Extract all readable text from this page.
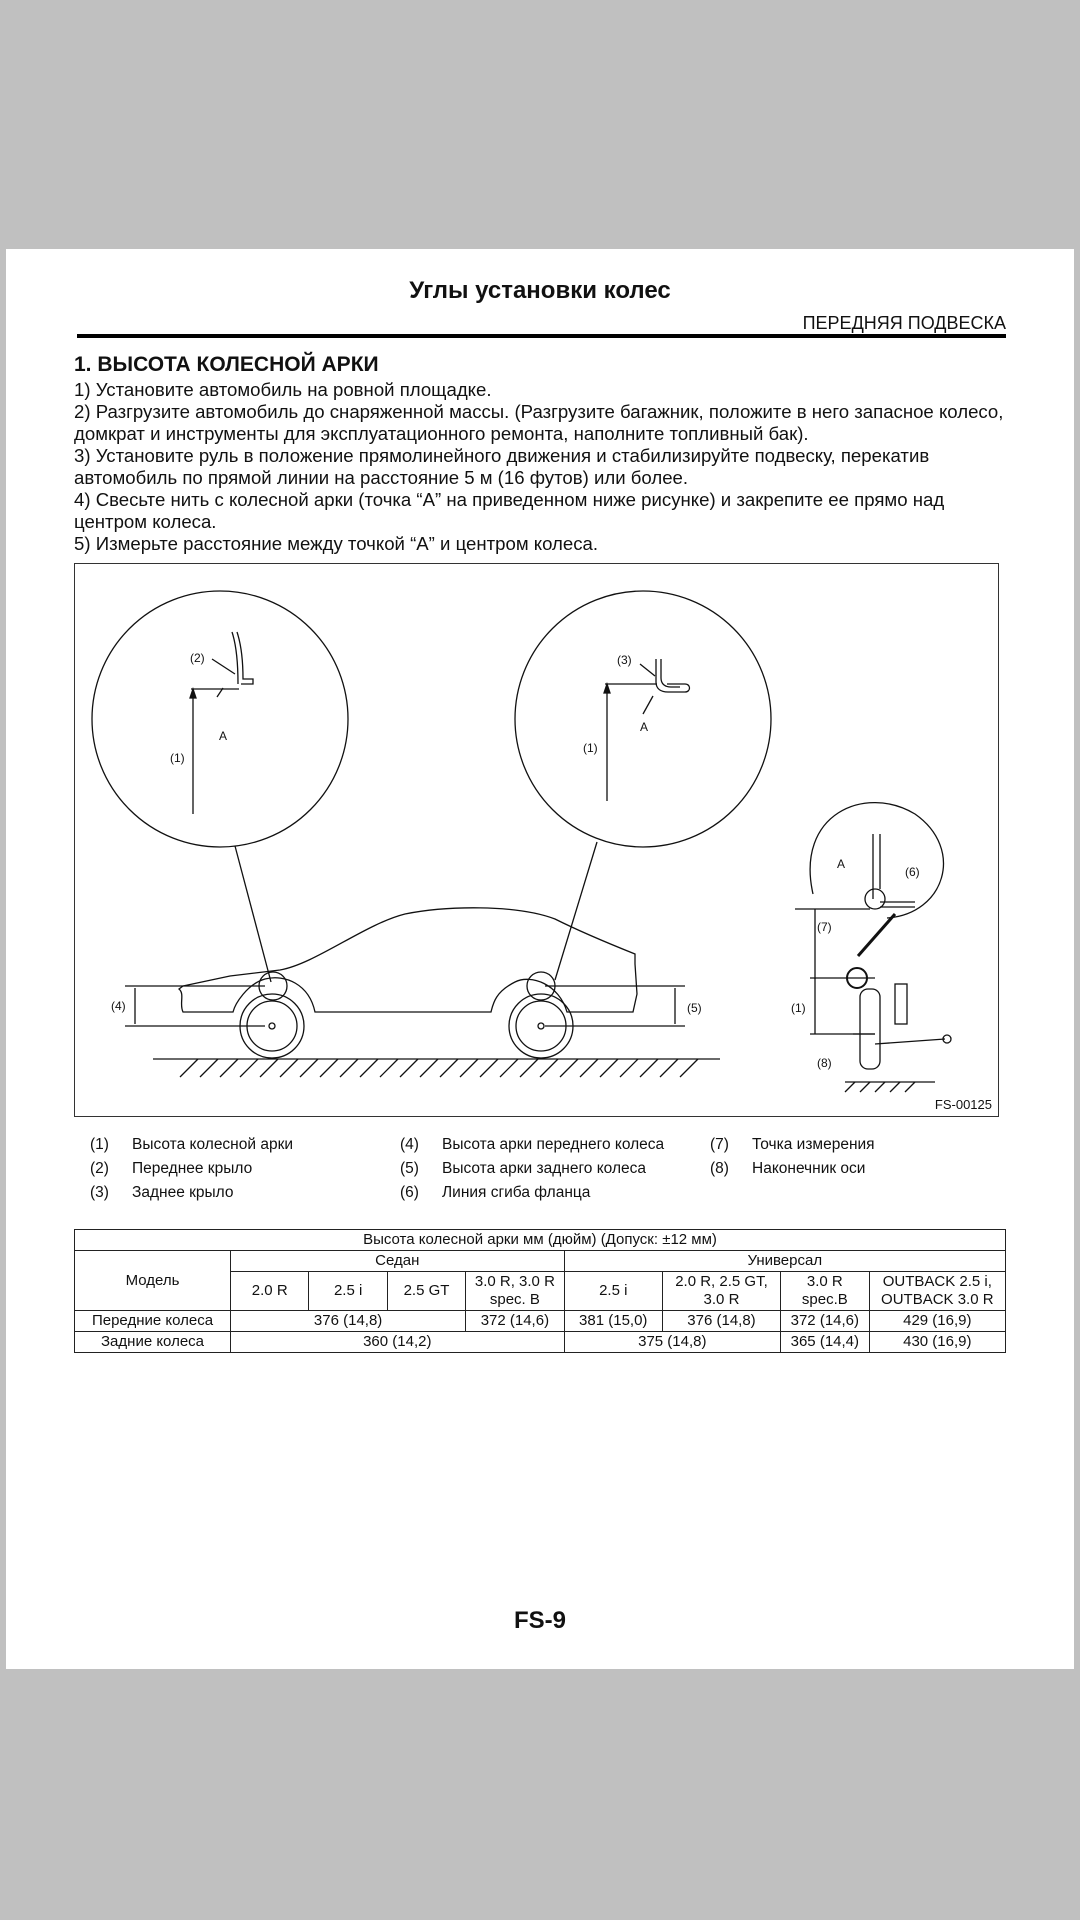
Углы установки колес
ПЕРЕДНЯЯ ПОДВЕСКА
1. ВЫСОТА КОЛЕСНОЙ АРКИ
1) Установите автомобиль на ровной площадке.
2) Разгрузите автомобиль до снаряженной массы. (Разгрузите багажник, положите в него запасное колесо, домкрат и инструменты для эксплуатационного ремонта, наполните топливный бак).
3) Установите руль в положение прямолинейного движения и стабилизируйте подвеску, перекатив автомобиль по прямой линии на расстояние 5 м (16 футов) или более.
4) Свесьте нить с колесной арки (точка “A” на приведенном ниже рисунке) и закрепите ее прямо над центром колеса.
5) Измерьте расстояние между точкой “A” и центром колеса.
(2)
A
(1)
(3)
A
(1)
(4)	(5)
A
(6)
(7)
(1)
(8)
FS-00125
(1) Высота колесной арки
(2) Переднее крыло
(3) Заднее крыло
(4) Высота арки переднего колеса
(5) Высота арки заднего колеса
(6) Линия сгиба фланца
(7) Точка измерения
(8) Наконечник оси
Высота колесной арки мм (дюйм) (Допуск: ±12 мм)								
Модель	Седан				Универсал			
	2.0 R	2.5 i	2.5 GT	3.0 R, 3.0 R spec. B	2.5 i	2.0 R, 2.5 GT, 3.0 R	3.0 R spec.B	OUTBACK 2.5 i, OUTBACK 3.0 R
Передние колеса	376 (14,8)			372 (14,6)	381 (15,0)	376 (14,8)	372 (14,6)	429 (16,9)
Задние колеса	360 (14,2)				375 (14,8)		365 (14,4)	430 (16,9)
FS-9
